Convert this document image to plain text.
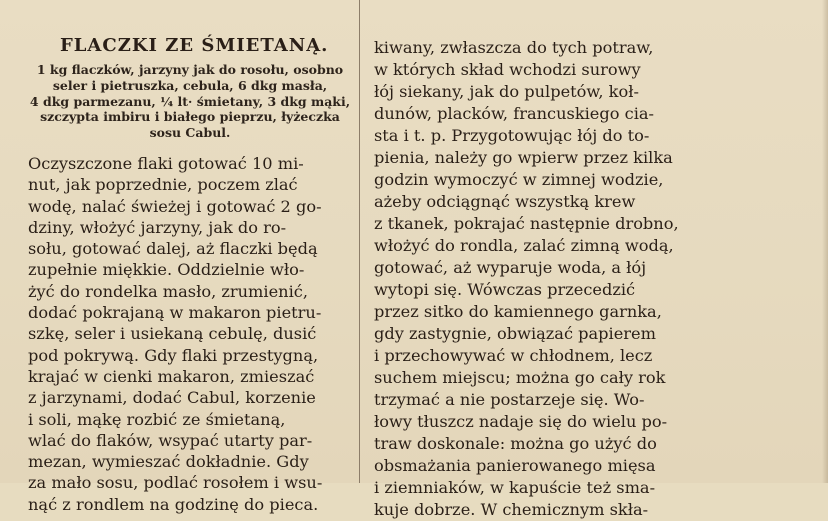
FLACZKI ZE ŚMIETANĄ.
1 kg flaczków, jarzyny jak do rosołu, osobno
seler i pietruszka, cebula, 6 dkg masła,
4 dkg parmezanu, ¼ lt· śmietany, 3 dkg mąki,
szczypta imbiru i białego pieprzu, łyżeczka
sosu Cabul.
Oczyszczone flaki gotować 10 mi-
nut, jak poprzednie, poczem zlać
wodę, nalać świeżej i gotować 2 go-
dziny, włożyć jarzyny, jak do ro-
sołu, gotować dalej, aż flaczki będą
zupełnie miękkie. Oddzielnie wło-
żyć do rondelka masło, zrumienić,
dodać pokrajaną w makaron pietru-
szkę, seler i usiekaną cebulę, dusić
pod pokrywą. Gdy flaki przestygną,
krajać w cienki makaron, zmieszać
z jarzynami, dodać Cabul, korzenie
i soli, mąkę rozbić ze śmietaną,
wlać do flaków, wsypać utarty par-
mezan, wymieszać dokładnie. Gdy
za mało sosu, podlać rosołem i wsu-
nąć z rondlem na godzinę do pieca.
kiwany, zwłaszcza do tych potraw,
w których skład wchodzi surowy
łój siekany, jak do pulpetów, koł-
dunów, placków, francuskiego cia-
sta i t. p. Przygotowując łój do to-
pienia, należy go wpierw przez kilka
godzin wymoczyć w zimnej wodzie,
ażeby odciągnąć wszystką krew
z tkanek, pokrajać następnie drobno,
włożyć do rondla, zalać zimną wodą,
gotować, aż wyparuje woda, a łój
wytopi się. Wówczas przecedzić
przez sitko do kamiennego garnka,
gdy zastygnie, obwiązać papierem
i przechowywać w chłodnem, lecz
suchem miejscu; można go cały rok
trzymać a nie postarzeje się. Wo-
łowy tłuszcz nadaje się do wielu po-
traw doskonale: można go użyć do
obsmażania panierowanego mięsa
i ziemniaków, w kapuście też sma-
kuje dobrze. W chemicznym skła-
